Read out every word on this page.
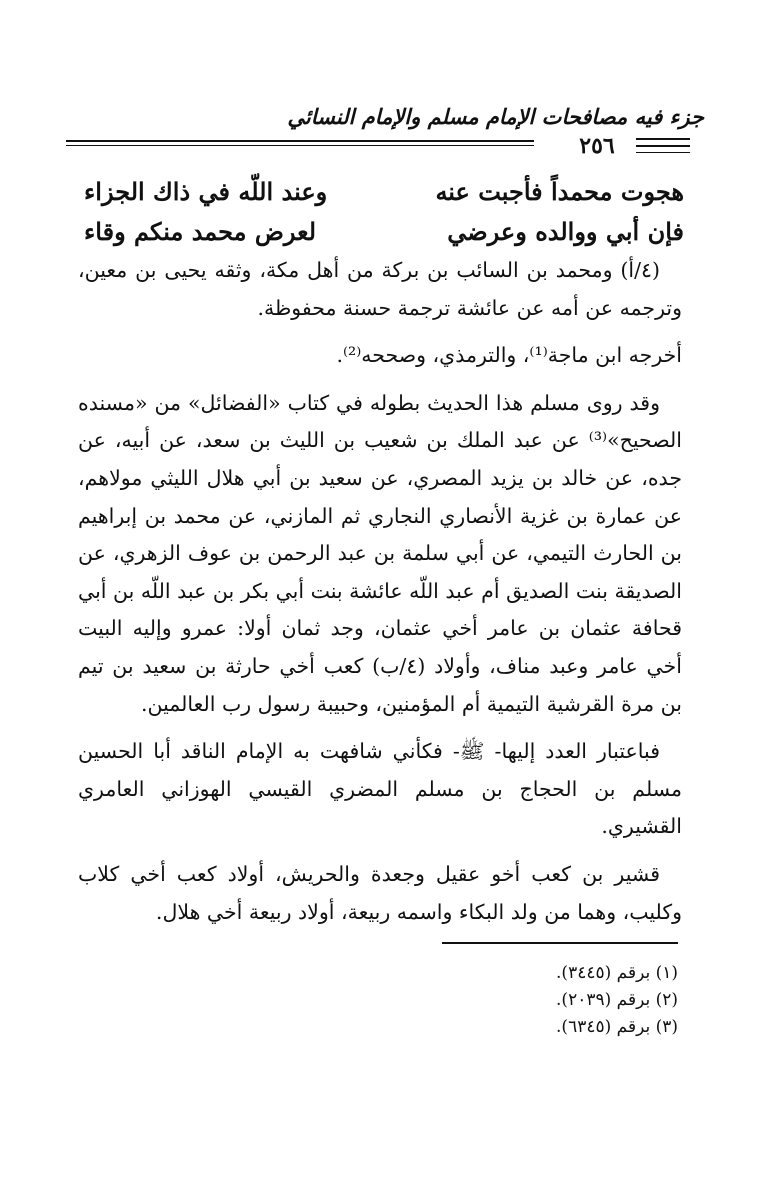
جزء فيه مصافحات الإمام مسلم والإمام النسائي
٢٥٦
هجوت محمداً فأجبت عنه
وعند اللّه في ذاك الجزاء
فإن أبي ووالده وعرضي
لعرض محمد منكم وقاء

(٤/أ) ومحمد بن السائب بن بركة من أهل مكة، وثقه يحيى بن معين، وترجمه عن أمه عن عائشة ترجمة حسنة محفوظة.

أخرجه ابن ماجة⁽¹⁾، والترمذي، وصححه⁽²⁾.

وقد روى مسلم هذا الحديث بطوله في كتاب «الفضائل» من «مسنده الصحيح»⁽³⁾ عن عبد الملك بن شعيب بن الليث بن سعد، عن أبيه، عن جده، عن خالد بن يزيد المصري، عن سعيد بن أبي هلال الليثي مولاهم، عن عمارة بن غزية الأنصاري النجاري ثم المازني، عن محمد بن إبراهيم بن الحارث التيمي، عن أبي سلمة بن عبد الرحمن بن عوف الزهري، عن الصديقة بنت الصديق أم عبد اللّه عائشة بنت أبي بكر بن عبد اللّه بن أبي قحافة عثمان بن عامر أخي عثمان، وجد ثمان أولا: عمرو وإليه البيت أخي عامر وعبد مناف، وأولاد (٤/ب) كعب أخي حارثة بن سعيد بن تيم بن مرة القرشية التيمية أم المؤمنين، وحبيبة رسول رب العالمين.

فباعتبار العدد إليها- ﷺ- فكأني شافهت به الإمام الناقد أبا الحسين مسلم بن الحجاج بن مسلم المضري القيسي الهوزاني العامري القشيري.

قشير بن كعب أخو عقيل وجعدة والحريش، أولاد كعب أخي كلاب وكليب، وهما من ولد البكاء واسمه ربيعة، أولاد ربيعة أخي هلال.

(١) برقم (٣٤٤٥).
(٢) برقم (٢٠٣٩).
(٣) برقم (٦٣٤٥).
